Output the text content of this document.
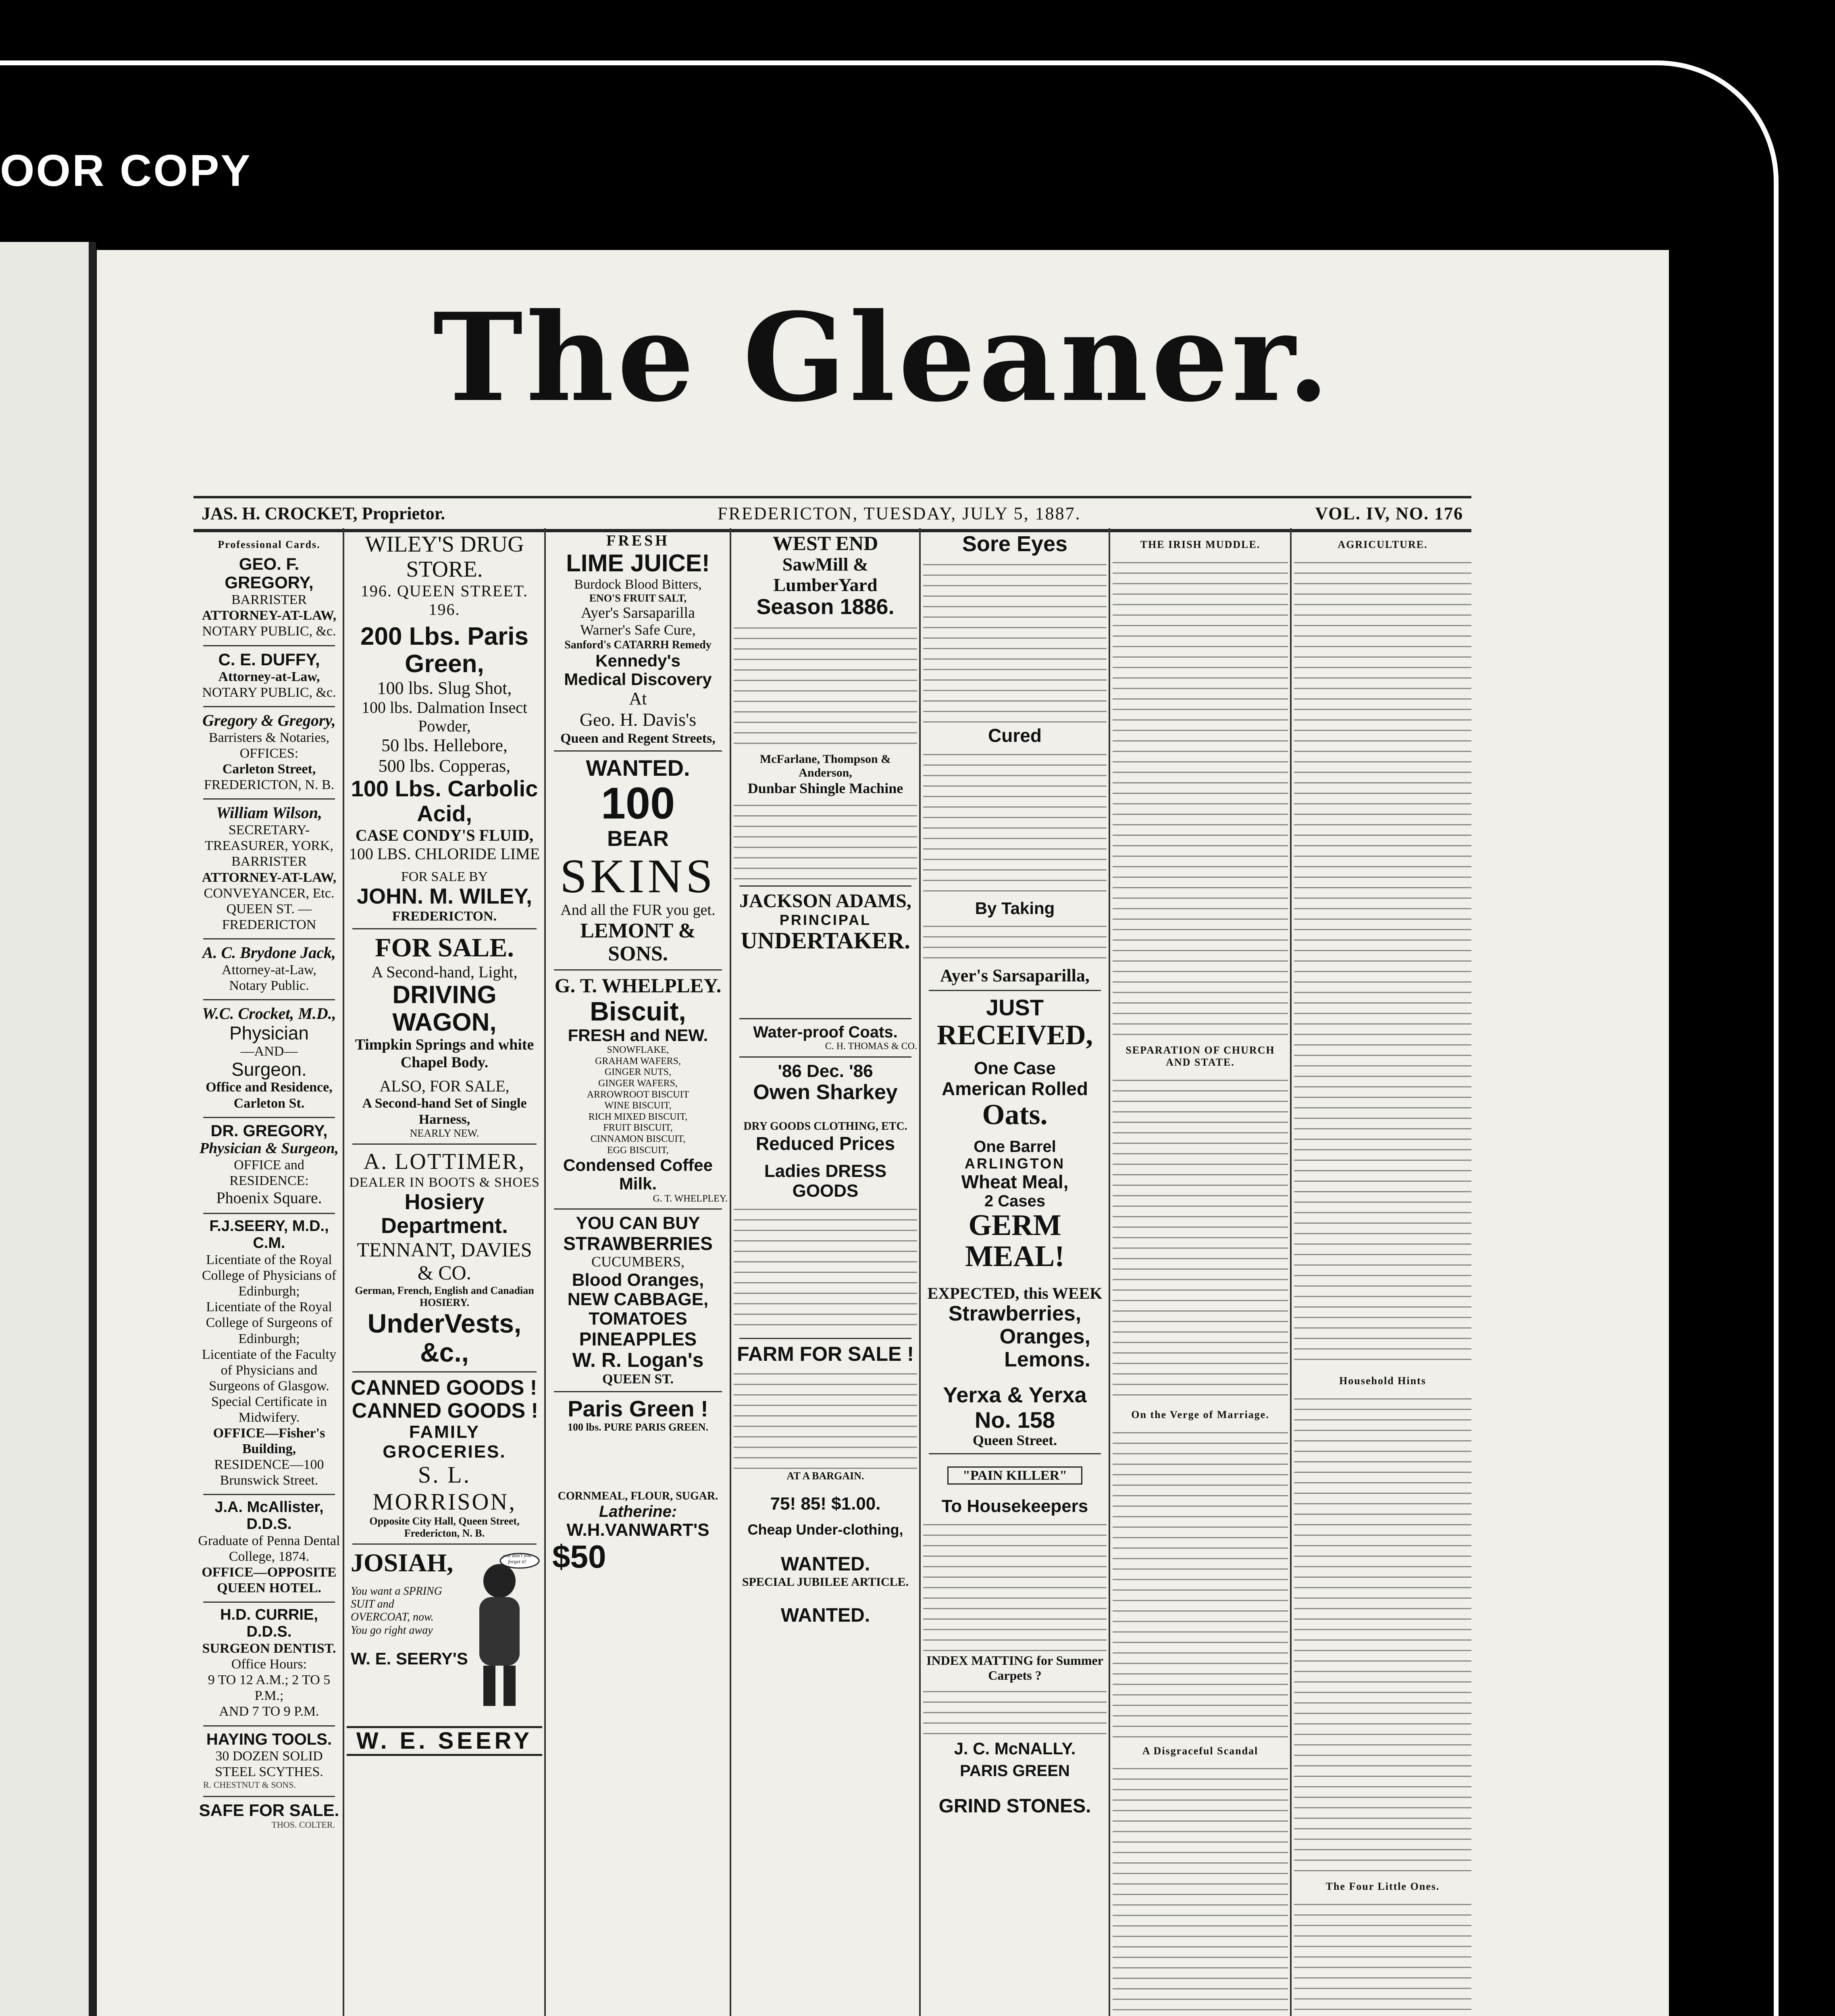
OOR COPY
The Gleaner.
JAS. H. CROCKET, Proprietor.	FREDERICTON, TUESDAY, JULY 5, 1887.	VOL. IV, NO. 176
Professional Cards.
GEO. F. GREGORY,
BARRISTER
ATTORNEY-AT-LAW,
NOTARY PUBLIC, &c.
C. E. DUFFY,
Attorney-at-Law,
NOTARY PUBLIC, &c.
Gregory & Gregory,
Barristers & Notaries,
OFFICES:
Carleton Street,
FREDERICTON, N. B.
William Wilson,
SECRETARY-TREASURER, YORK,
BARRISTER
ATTORNEY-AT-LAW,
CONVEYANCER, Etc.
QUEEN ST. — FREDERICTON
A. C. Brydone Jack,
Attorney-at-Law,
Notary Public.
W.C. Crocket, M.D.,
Physician
—AND—
Surgeon.
Office and Residence, Carleton St.
DR. GREGORY,
Physician & Surgeon,
OFFICE and RESIDENCE:
Phoenix Square.
F.J.SEERY, M.D., C.M.
Licentiate of the Royal College of Physicians of Edinburgh;
Licentiate of the Royal College of Surgeons of Edinburgh;
Licentiate of the Faculty of Physicians and Surgeons of Glasgow.
Special Certificate in Midwifery.
OFFICE—Fisher's Building,
RESIDENCE—100 Brunswick Street.
J.A. McAllister, D.D.S.
Graduate of Penna Dental College, 1874.
OFFICE—OPPOSITE QUEEN HOTEL.
H.D. CURRIE, D.D.S.
SURGEON DENTIST.
Office Hours:
9 TO 12 A.M.; 2 TO 5 P.M.;
AND 7 TO 9 P.M.
HAYING TOOLS.
30 DOZEN SOLID STEEL SCYTHES.
R. CHESTNUT & SONS.
SAFE FOR SALE.
THOS. COLTER.
WILEY'S DRUG STORE.
196. QUEEN STREET. 196.
200 Lbs. Paris Green,
100 lbs. Slug Shot,
100 lbs. Dalmation Insect Powder,
50 lbs. Hellebore,
500 lbs. Copperas,
100 Lbs. Carbolic Acid,
CASE CONDY'S FLUID,
100 LBS. CHLORIDE LIME
FOR SALE BY
JOHN. M. WILEY,
FREDERICTON.
FOR SALE.
A Second-hand, Light,
DRIVING WAGON,
Timpkin Springs and white
Chapel Body.
ALSO, FOR SALE,
A Second-hand Set of Single Harness,
NEARLY NEW.
A. LOTTIMER,
DEALER IN BOOTS & SHOES
Hosiery Department.
TENNANT, DAVIES & CO.
German, French, English and Canadian HOSIERY.
UnderVests, &c.,
CANNED GOODS !
CANNED GOODS !
FAMILY GROCERIES.
S. L. MORRISON,
Opposite City Hall, Queen Street, Fredericton, N. B.
JOSIAH,
You want a SPRING SUIT and OVERCOAT, now. You go right away
W. E. SEERY'S
you don't you forget it!
W. E. SEERY
FRESH
LIME JUICE!
Burdock Blood Bitters,
ENO'S FRUIT SALT,
Ayer's Sarsaparilla
Warner's Safe Cure,
Sanford's CATARRH Remedy
Kennedy's
Medical Discovery
At
Geo. H. Davis's
Queen and Regent Streets,
WANTED.
100
BEAR
SKINS
And all the FUR you get.
LEMONT & SONS.
G. T. WHELPLEY.
Biscuit,
FRESH and NEW.
SNOWFLAKE,
GRAHAM WAFERS,
GINGER NUTS,
GINGER WAFERS,
ARROWROOT BISCUIT
WINE BISCUIT,
RICH MIXED BISCUIT,
FRUIT BISCUIT,
CINNAMON BISCUIT,
EGG BISCUIT,
Condensed Coffee Milk.
G. T. WHELPLEY.
YOU CAN BUY
STRAWBERRIES
CUCUMBERS,
Blood Oranges,
NEW CABBAGE,
TOMATOES
PINEAPPLES
W. R. Logan's
QUEEN ST.
Paris Green !
100 lbs. PURE PARIS GREEN.
CORNMEAL, FLOUR, SUGAR.
Latherine:
W.H.VANWART'S
$50
WEST END
SawMill & LumberYard
Season 1886.
McFarlane, Thompson & Anderson,
Dunbar Shingle Machine
JACKSON ADAMS,
PRINCIPAL
UNDERTAKER.
Water-proof Coats.
C. H. THOMAS & CO.
'86 Dec. '86
Owen Sharkey
DRY GOODS CLOTHING, ETC.
Reduced Prices
Ladies DRESS GOODS
FARM FOR SALE !
AT A BARGAIN.
75! 85! $1.00.
Cheap Under-clothing,
WANTED.
SPECIAL JUBILEE ARTICLE.
WANTED.
Sore Eyes
Cured
By Taking
Ayer's Sarsaparilla,
JUST
RECEIVED,
One Case
American Rolled
Oats.
One Barrel
ARLINGTON
Wheat Meal,
2 Cases
GERM MEAL!
EXPECTED, this WEEK
Strawberries,
Oranges,
Lemons.
Yerxa & Yerxa
No. 158
Queen Street.
"PAIN KILLER"
To Housekeepers
INDEX MATTING for Summer Carpets ?
J. C. McNALLY.
PARIS GREEN
GRIND STONES.
THE IRISH MUDDLE.
SEPARATION OF CHURCH AND STATE.
On the Verge of Marriage.
A Disgraceful Scandal
AGRICULTURE.
Household Hints
The Four Little Ones.
